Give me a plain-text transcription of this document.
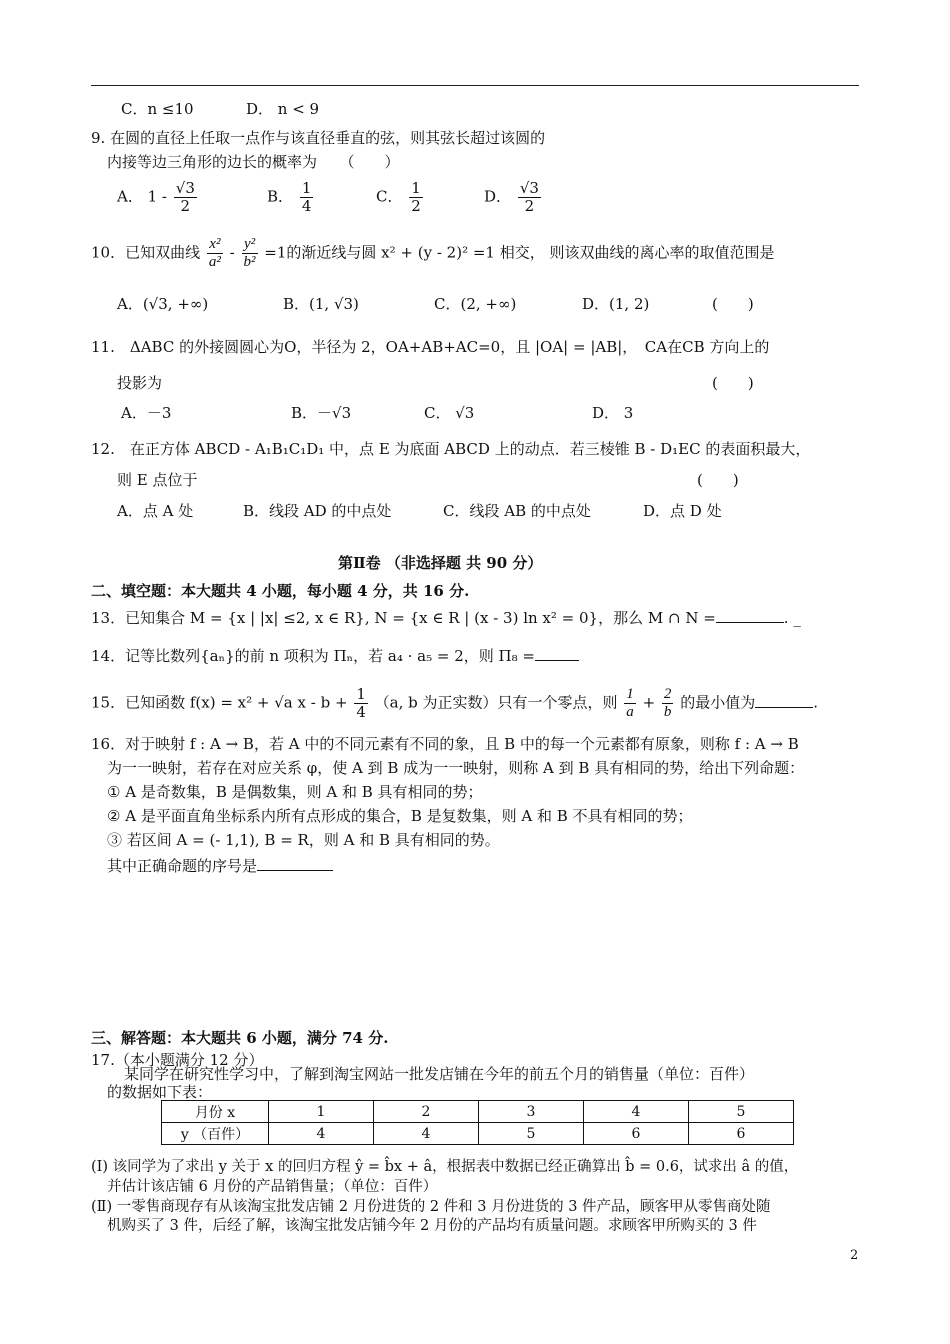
C．n ≤10	D． n < 9
9. 在圆的直径上任取一点作与该直径垂直的弦，则其弦长超过该圆的
内接等边三角形的边长的概率为　　（　　）
A． $1 - \frac{√3}{2}$	B． $\frac{1}{4}$	C． $\frac{1}{2}$	D． $\frac{√3}{2}$
10．已知双曲线 $\frac{\text{x²}}{\text{a²}} - \frac{\text{y²}}{\text{b²}} =1$的渐近线与圆 x² + (y - 2)² =1 相交， 则该双曲线的离心率的取值范围是
A．(√3, +∞)	B．(1, √3)	C．(2, +∞)	D．(1, 2)	(　　)
11.　ΔABC 的外接圆圆心为O，半径为 2，OA+AB+AC=0，且 |OA| = |AB|，　CA在CB 方向上的
投影为	(　　)
A．－3	B．－√3	C． √3	D． 3
12.　在正方体 ABCD - A₁B₁C₁D₁ 中，点 E 为底面 ABCD 上的动点．若三棱锥 B - D₁EC 的表面积最大，
则 E 点位于	(　　)
A．点 A 处	B．线段 AD 的中点处	C．线段 AB 的中点处	D．点 D 处
第Ⅱ卷 （非选择题 共 90 分）
二、填空题：本大题共 4 小题，每小题 4 分，共 16 分.
13．已知集合 M = {x | |x| ≤2, x ∈ R}, N = {x ∈ R | (x - 3) ln x² = 0}，那么 M ∩ N =	. _
14．记等比数列{aₙ}的前 n 项积为 Πₙ，若 a₄ · a₅ = 2，则 Π₈ =
15．已知函数 f(x) = x² + √a $x - b + \frac{1}{4} (a$, b 为正实数）只有一个零点，则 $\frac{1}{a} + \frac{2}{b}$ 的最小值为	.
16．对于映射 f : A → B，若 A 中的不同元素有不同的象，且 B 中的每一个元素都有原象，则称 f : A → B
为一一映射，若存在对应关系 φ，使 A 到 B 成为一一映射，则称 A 到 B 具有相同的势，给出下列命题：
① A 是奇数集，B 是偶数集，则 A 和 B 具有相同的势；
② A 是平面直角坐标系内所有点形成的集合，B 是复数集，则 A 和 B 不具有相同的势；
③ 若区间 A = (- 1,1), B = R，则 A 和 B 具有相同的势。
其中正确命题的序号是
三、解答题：本大题共 6 小题，满分 74 分.
17.（本小题满分 12 分）
某同学在研究性学习中，了解到淘宝网站一批发店铺在今年的前五个月的销售量（单位：百件）
的数据如下表：
月份 x	1	2	3	4	5
y （百件）	4	4	5	6	6
(Ⅰ) 该同学为了求出 y 关于 x 的回归方程 ŷ = b̂x + â，根据表中数据已经正确算出 b̂ = 0.6，试求出 â 的值，
并估计该店铺 6 月份的产品销售量；（单位：百件）
(Ⅱ) 一零售商现存有从该淘宝批发店铺 2 月份进货的 2 件和 3 月份进货的 3 件产品，顾客甲从零售商处随
机购买了 3 件，后经了解，该淘宝批发店铺今年 2 月份的产品均有质量问题。求顾客甲所购买的 3 件
2
